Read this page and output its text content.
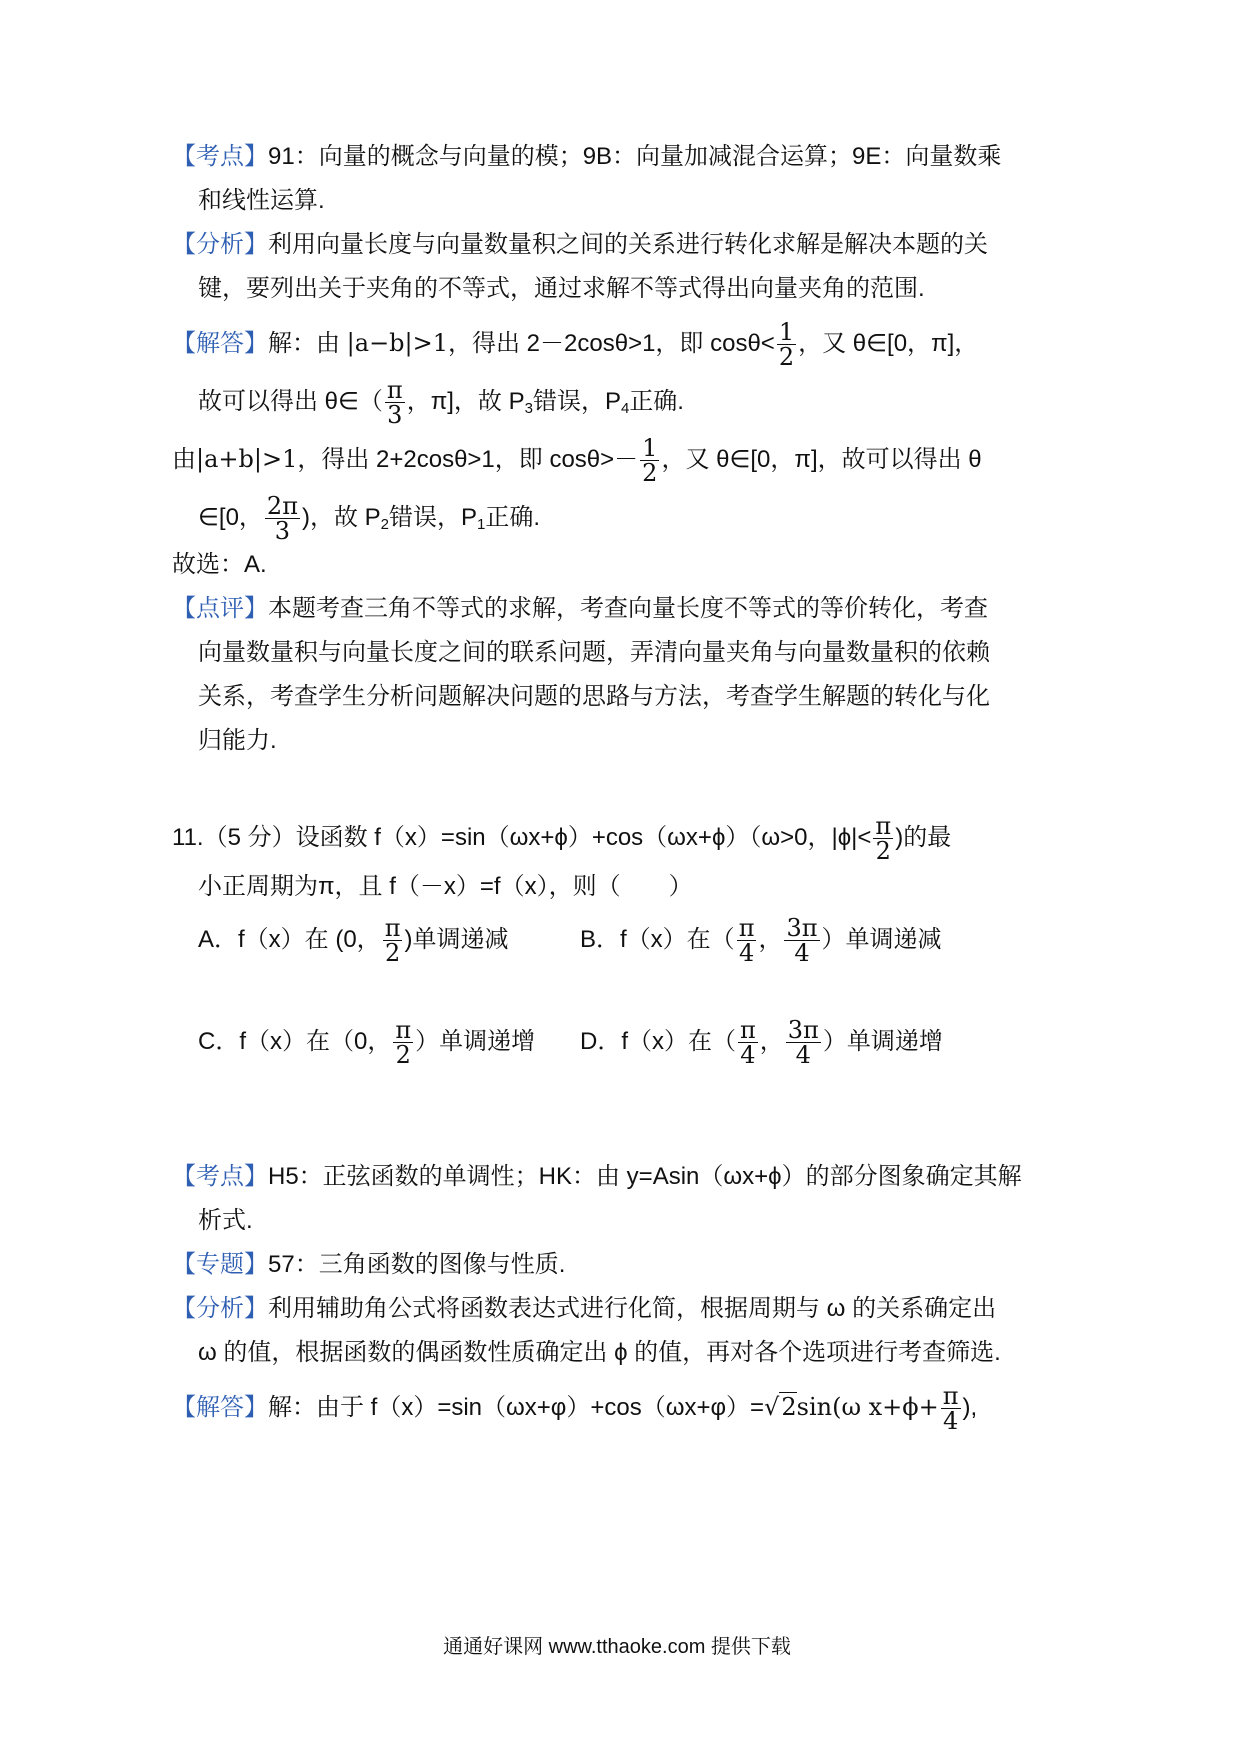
【考点】91：向量的概念与向量的模；9B：向量加减混合运算；9E：向量数乘
和线性运算.
【分析】利用向量长度与向量数量积之间的关系进行转化求解是解决本题的关
键，要列出关于夹角的不等式，通过求解不等式得出向量夹角的范围.
【解答】解：由 |a−b|>1，得出 2－2cosθ>1，即 $\cos\theta< \frac{1}{2}$ ，又 θ∈[0，π]，
故可以得出 θ∈（ $\frac{\pi}{3}$ ，π]，故 $P_3$错误，$P_4$正确.
由|a+b|>1，得出 2+2cosθ>1，即 $\cos\theta>- \frac{1}{2}$ ，又 θ∈[0，π]，故可以得出 θ
∈[0， $\frac{2\pi}{3}$ )，故 $P_2$错误，$P_1$正确.
故选：A.
【点评】本题考查三角不等式的求解，考查向量长度不等式的等价转化，考查
向量数量积与向量长度之间的联系问题，弄清向量夹角与向量数量积的依赖
关系，考查学生分析问题解决问题的思路与方法，考查学生解题的转化与化
归能力.
11.（5 分）设函数 f（x）=sin（ωx+ϕ）+cos（ωx+ϕ）（ω>0，$|\phi|< \frac{\pi}{2}$ )的最
小正周期为π，且 f（－x）=f（x），则（　　）
A．f（x）在 (0， $\frac{\pi}{2}$ )单调递减	B．f（x）在（ $\frac{\pi}{4}$ ， $\frac{3\pi}{4}$ ）单调递减
C．f（x）在（0， $\frac{\pi}{2}$ ）单调递增 D．f（x）在（ $\frac{\pi}{4}$ ， $\frac{3\pi}{4}$ ）单调递增
【考点】H5：正弦函数的单调性；HK：由 y=Asin（ωx+ϕ）的部分图象确定其解
析式.
【专题】57：三角函数的图像与性质.
【分析】利用辅助角公式将函数表达式进行化简，根据周期与 ω 的关系确定出
ω 的值，根据函数的偶函数性质确定出 ϕ 的值，再对各个选项进行考查筛选.
【解答】解：由于 f（x）=sin（ωx+φ）+cos（ωx+φ）=√2sin(ω $x+\phi+ \frac{\pi}{4}$ ),
通通好课网 www.tthaoke.com 提供下载
